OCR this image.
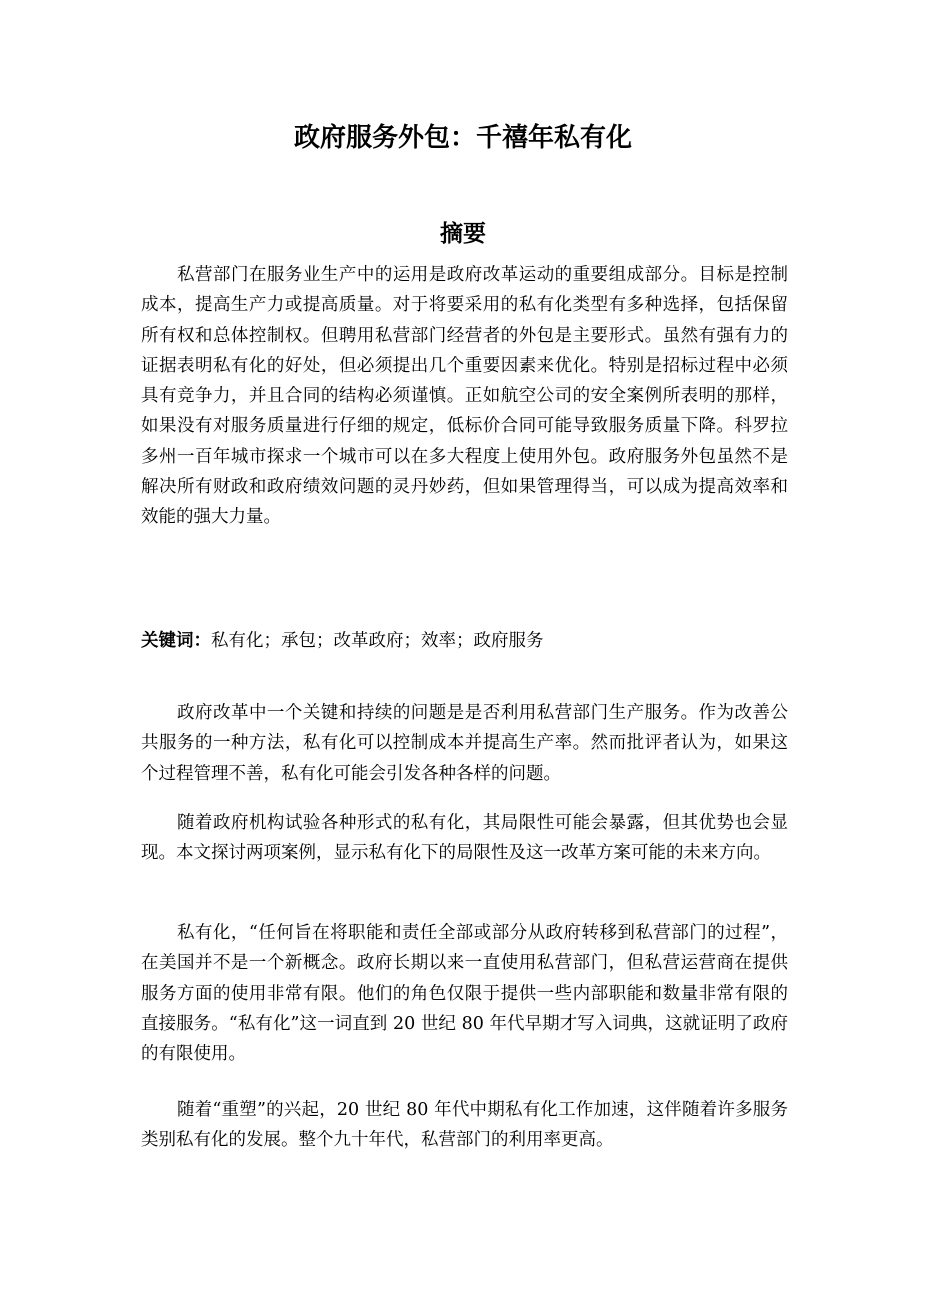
政府服务外包：千禧年私有化
摘要

私营部门在服务业生产中的运用是政府改革运动的重要组成部分。目标是控制成本，提高生产力或提高质量。对于将要采用的私有化类型有多种选择，包括保留所有权和总体控制权。但聘用私营部门经营者的外包是主要形式。虽然有强有力的证据表明私有化的好处，但必须提出几个重要因素来优化。特别是招标过程中必须具有竞争力，并且合同的结构必须谨慎。正如航空公司的安全案例所表明的那样，如果没有对服务质量进行仔细的规定，低标价合同可能导致服务质量下降。科罗拉多州一百年城市探求一个城市可以在多大程度上使用外包。政府服务外包虽然不是解决所有财政和政府绩效问题的灵丹妙药，但如果管理得当，可以成为提高效率和效能的强大力量。

关键词：私有化；承包；改革政府；效率；政府服务

政府改革中一个关键和持续的问题是是否利用私营部门生产服务。作为改善公共服务的一种方法，私有化可以控制成本并提高生产率。然而批评者认为，如果这个过程管理不善，私有化可能会引发各种各样的问题。

随着政府机构试验各种形式的私有化，其局限性可能会暴露，但其优势也会显现。本文探讨两项案例，显示私有化下的局限性及这一改革方案可能的未来方向。

私有化，“任何旨在将职能和责任全部或部分从政府转移到私营部门的过程”，在美国并不是一个新概念。政府长期以来一直使用私营部门，但私营运营商在提供服务方面的使用非常有限。他们的角色仅限于提供一些内部职能和数量非常有限的直接服务。“私有化”这一词直到 20 世纪 80 年代早期才写入词典，这就证明了政府的有限使用。

随着“重塑”的兴起，20 世纪 80 年代中期私有化工作加速，这伴随着许多服务类别私有化的发展。整个九十年代，私营部门的利用率更高。
